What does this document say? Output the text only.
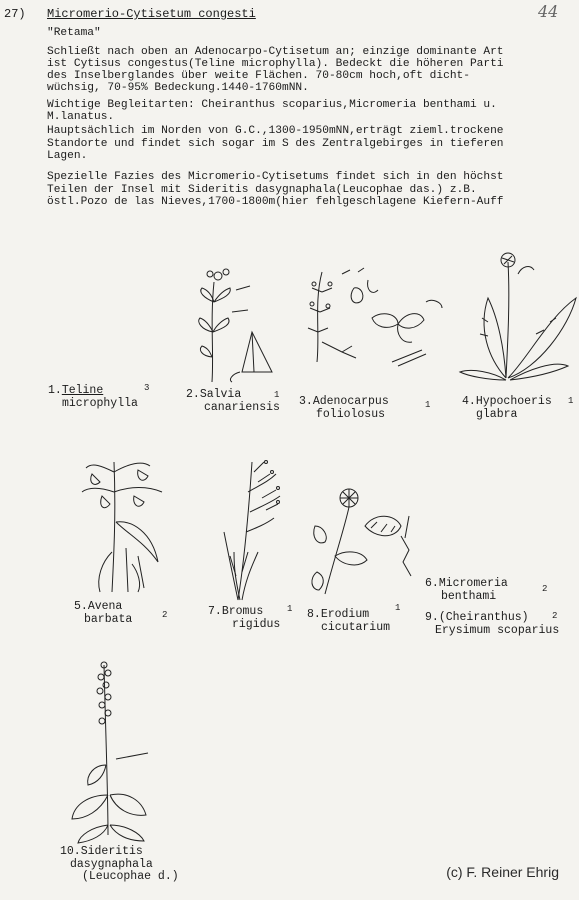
44
27) Micromerio-Cytisetum congesti
"Retama"
Schließt nach oben an Adenocarpo-Cytisetum an; einzige dominante Art
ist Cytisus congestus(Teline microphylla). Bedeckt die höheren Parti
des Inselberglandes über weite Flächen. 70-80cm hoch,oft dicht-
wüchsig, 70-95% Bedeckung.1440-1760mNN.
Wichtige Begleitarten: Cheiranthus scoparius,Micromeria benthami u.
M.lanatus.
Hauptsächlich im Norden von G.C.,1300-1950mNN,erträgt zieml.trockene
Standorte und findet sich sogar im S des Zentralgebirges in tieferen
Lagen.
Spezielle Fazies des Micromerio-Cytisetums findet sich in den höchst
Teilen der Insel mit Sideritis dasygnaphala(Leucophae das.) z.B.
östl.Pozo de las Nieves,1700-1800m(hier fehlgeschlagene Kiefern-Auff
1.Teline
microphylla
3	2.Salvia
canariensis
1 3.Adenocarpus
foliolosus
1	4.Hypochoeris
glabra
1
5.Avena
barbata	2	7.Bromus
rigidus
1 8.Erodium
cicutarium
1
6.Micromeria
benthami
2
9.(Cheiranthus)
Erysimum scoparius
2
10.Sideritis
dasygnaphala
(Leucophae d.)	(c) F. Reiner Ehrig
